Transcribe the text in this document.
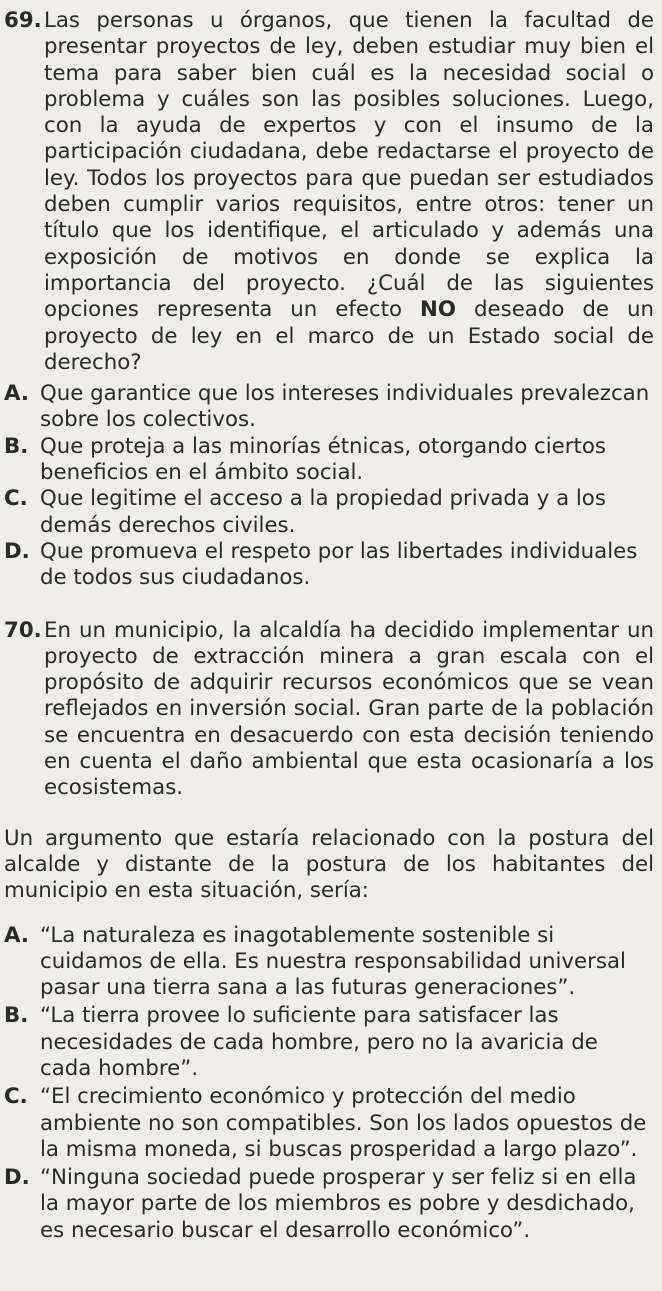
69. Las personas u órganos, que tienen la facultad de presentar proyectos de ley, deben estudiar muy bien el tema para saber bien cuál es la necesidad social o problema y cuáles son las posibles soluciones. Luego, con la ayuda de expertos y con el insumo de la participación ciudadana, debe redactarse el proyecto de ley. Todos los proyectos para que puedan ser estudiados deben cumplir varios requisitos, entre otros: tener un título que los identifique, el articulado y además una exposición de motivos en donde se explica la importancia del proyecto. ¿Cuál de las siguientes opciones representa un efecto NO deseado de un proyecto de ley en el marco de un Estado social de derecho?
A. Que garantice que los intereses individuales prevalezcan sobre los colectivos.
B. Que proteja a las minorías étnicas, otorgando ciertos beneficios en el ámbito social.
C. Que legitime el acceso a la propiedad privada y a los demás derechos civiles.
D. Que promueva el respeto por las libertades individuales de todos sus ciudadanos.
70. En un municipio, la alcaldía ha decidido implementar un proyecto de extracción minera a gran escala con el propósito de adquirir recursos económicos que se vean reflejados en inversión social. Gran parte de la población se encuentra en desacuerdo con esta decisión teniendo en cuenta el daño ambiental que esta ocasionaría a los ecosistemas.
Un argumento que estaría relacionado con la postura del alcalde y distante de la postura de los habitantes del municipio en esta situación, sería:
A. “La naturaleza es inagotablemente sostenible si cuidamos de ella. Es nuestra responsabilidad universal pasar una tierra sana a las futuras generaciones”.
B. “La tierra provee lo suficiente para satisfacer las necesidades de cada hombre, pero no la avaricia de cada hombre”.
C. “El crecimiento económico y protección del medio ambiente no son compatibles. Son los lados opuestos de la misma moneda, si buscas prosperidad a largo plazo”.
D. “Ninguna sociedad puede prosperar y ser feliz si en ella la mayor parte de los miembros es pobre y desdichado, es necesario buscar el desarrollo económico”.
